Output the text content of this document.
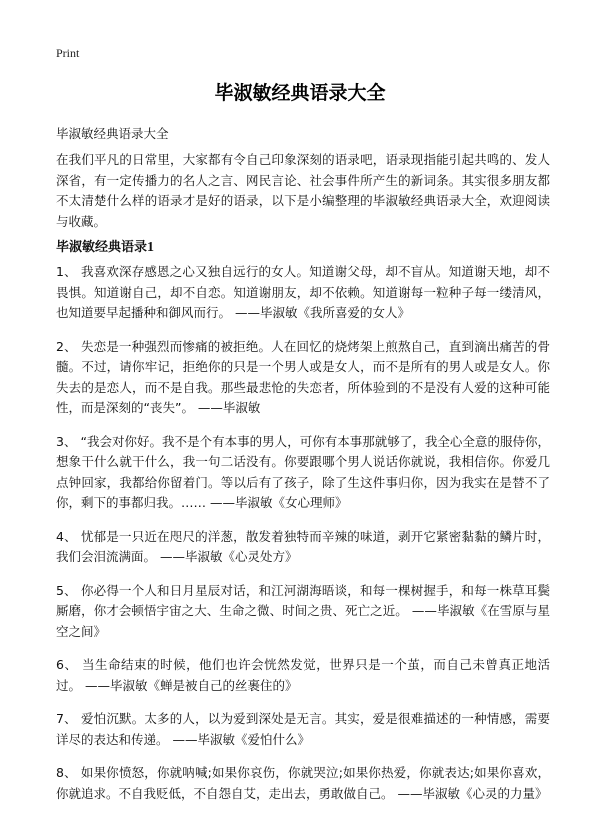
Print
毕淑敏经典语录大全

毕淑敏经典语录大全

在我们平凡的日常里，大家都有令自己印象深刻的语录吧，语录现指能引起共鸣的、发人深省，有一定传播力的名人之言、网民言论、社会事件所产生的新词条。其实很多朋友都不太清楚什么样的语录才是好的语录，以下是小编整理的毕淑敏经典语录大全，欢迎阅读与收藏。

毕淑敏经典语录1
1、 我喜欢深存感恩之心又独自远行的女人。知道谢父母，却不盲从。知道谢天地，却不畏惧。知道谢自己，却不自恋。知道谢朋友，却不依赖。知道谢每一粒种子每一缕清风，也知道要早起播种和御风而行。 ——毕淑敏《我所喜爱的女人》
2、 失恋是一种强烈而惨痛的被拒绝。人在回忆的烧烤架上煎熬自己，直到滴出痛苦的骨髓。不过，请你牢记，拒绝你的只是一个男人或是女人，而不是所有的男人或是女人。你失去的是恋人，而不是自我。那些最悲怆的失恋者，所体验到的不是没有人爱的这种可能性，而是深刻的“丧失”。 ——毕淑敏
3、 “我会对你好。我不是个有本事的男人，可你有本事那就够了，我全心全意的服侍你，想象干什么就干什么，我一句二话没有。你要跟哪个男人说话你就说，我相信你。你爱几点钟回家，我都给你留着门。等以后有了孩子，除了生这件事归你，因为我实在是替不了你，剩下的事都归我。…… ——毕淑敏《女心理师》
4、 忧郁是一只近在咫尺的洋葱，散发着独特而辛辣的味道，剥开它紧密黏黏的鳞片时，我们会泪流满面。 ——毕淑敏《心灵处方》
5、 你必得一个人和日月星辰对话，和江河湖海晤谈，和每一棵树握手，和每一株草耳鬓厮磨，你才会顿悟宇宙之大、生命之微、时间之贵、死亡之近。 ——毕淑敏《在雪原与星空之间》
6、 当生命结束的时候，他们也许会恍然发觉，世界只是一个茧，而自己未曾真正地活过。 ——毕淑敏《蝉是被自己的丝裹住的》
7、 爱怕沉默。太多的人，以为爱到深处是无言。其实，爱是很难描述的一种情感，需要详尽的表达和传递。 ——毕淑敏《爱怕什么》
8、 如果你愤怒，你就呐喊;如果你哀伤，你就哭泣;如果你热爱，你就表达;如果你喜欢，你就追求。不自我贬低，不自怨自艾，走出去，勇敢做自己。 ——毕淑敏《心灵的力量》
